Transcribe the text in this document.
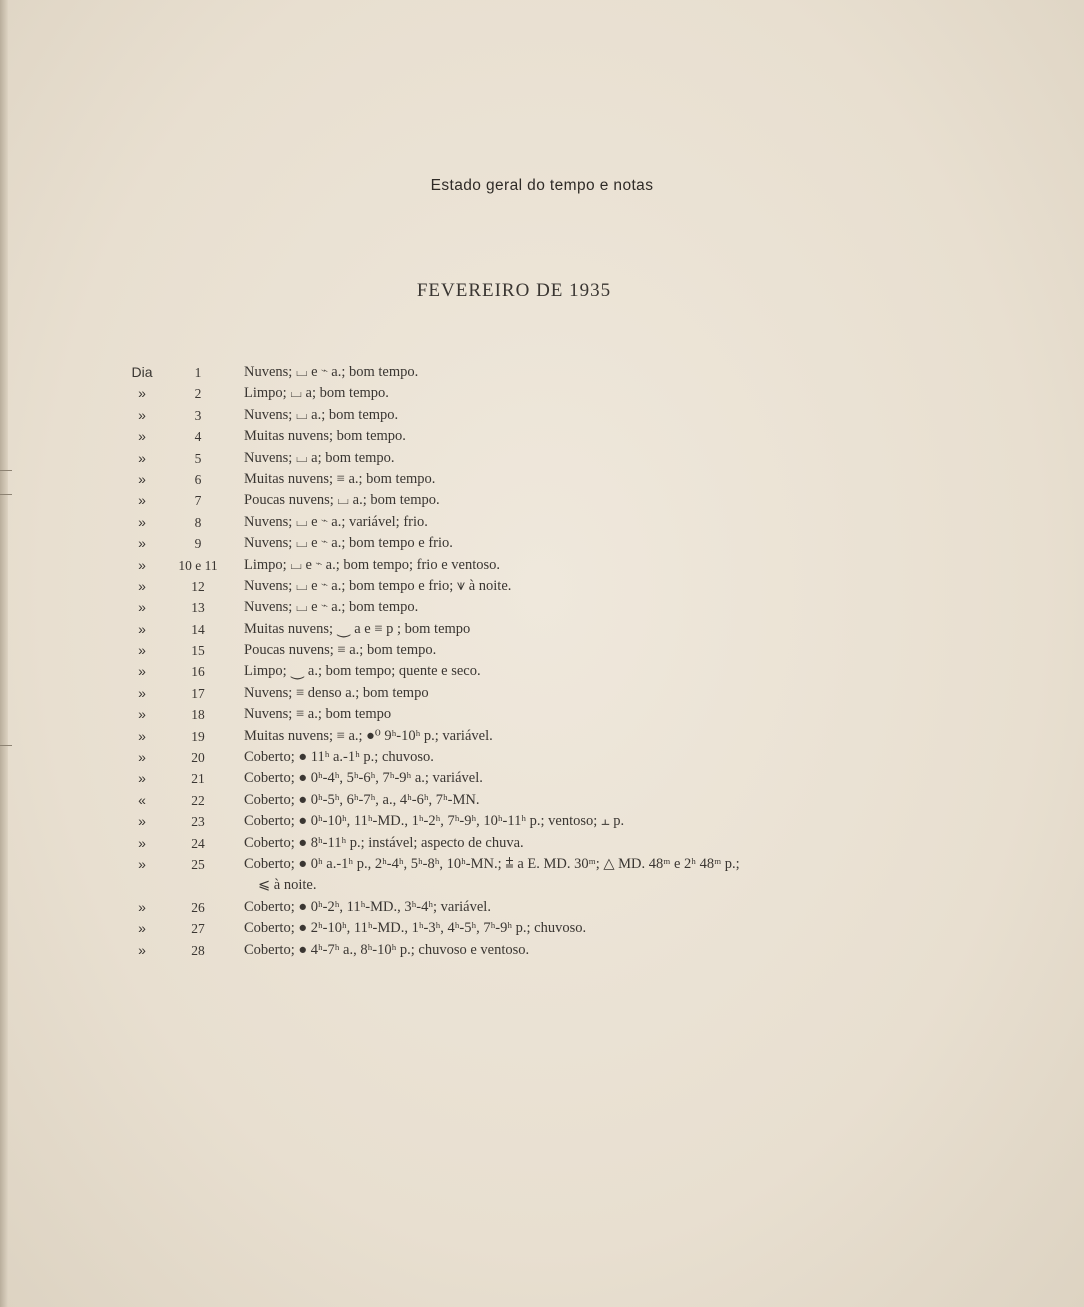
Estado geral do tempo e notas
FEVEREIRO DE 1935
Dia	1	Nuvens; ⌴ e ⌁ a.; bom tempo.
»	2	Limpo; ⌴ a; bom tempo.
»	3	Nuvens; ⌴ a.; bom tempo.
»	4	Muitas nuvens; bom tempo.
»	5	Nuvens; ⌴ a; bom tempo.
»	6	Muitas nuvens; ≡ a.; bom tempo.
»	7	Poucas nuvens; ⌴ a.; bom tempo.
»	8	Nuvens; ⌴ e ⌁ a.; variável; frio.
»	9	Nuvens; ⌴ e ⌁ a.; bom tempo e frio.
»	10 e 11	Limpo; ⌴ e ⌁ a.; bom tempo; frio e ventoso.
»	12	Nuvens; ⌴ e ⌁ a.; bom tempo e frio; ⩛ à noite.
»	13	Nuvens; ⌴ e ⌁ a.; bom tempo.
»	14	Muitas nuvens; ⏝ a e ≡ p ; bom tempo
»	15	Poucas nuvens; ≡ a.; bom tempo.
»	16	Limpo; ⏝ a.; bom tempo; quente e seco.
»	17	Nuvens; ≡ denso a.; bom tempo
»	18	Nuvens; ≡ a.; bom tempo
»	19	Muitas nuvens; ≡ a.; ●⁰ 9ʰ-10ʰ p.; variável.
»	20	Coberto; ● 11ʰ a.-1ʰ p.; chuvoso.
»	21	Coberto; ● 0ʰ-4ʰ, 5ʰ-6ʰ, 7ʰ-9ʰ a.; variável.
«	22	Coberto; ● 0ʰ-5ʰ, 6ʰ-7ʰ, a., 4ʰ-6ʰ, 7ʰ-MN.
»	23	Coberto; ● 0ʰ-10ʰ, 11ʰ-MD., 1ʰ-2ʰ, 7ʰ-9ʰ, 10ʰ-11ʰ p.; ventoso; ⫠ p.
»	24	Coberto; ● 8ʰ-11ʰ p.; instável; aspecto de chuva.
»	25	Coberto; ● 0ʰ a.-1ʰ p., 2ʰ-4ʰ, 5ʰ-8ʰ, 10ʰ-MN.; ⩲ a E. MD. 30ᵐ; △ MD. 48ᵐ e 2ʰ 48ᵐ p.;
⩽ à noite.
»	26	Coberto; ● 0ʰ-2ʰ, 11ʰ-MD., 3ʰ-4ʰ; variável.
»	27	Coberto; ● 2ʰ-10ʰ, 11ʰ-MD., 1ʰ-3ʰ, 4ʰ-5ʰ, 7ʰ-9ʰ p.; chuvoso.
»	28	Coberto; ● 4ʰ-7ʰ a., 8ʰ-10ʰ p.; chuvoso e ventoso.
